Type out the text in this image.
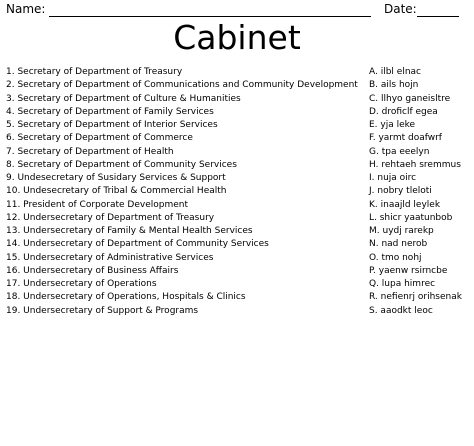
Name:	Date:
Cabinet
1. Secretary of Department of Treasury
2. Secretary of Department of Communications and Community Development
3. Secretary of Department of Culture & Humanities
4. Secretary of Department of Family Services
5. Secretary of Department of Interior Services
6. Secretary of Department of Commerce
7. Secretary of Department of Health
8. Secretary of Department of Community Services
9. Undesecretary of Susidary Services & Support
10. Undesecretary of Tribal & Commercial Health
11. President of Corporate Development
12. Undersecretary of Department of Treasury
13. Undersecretary of Family & Mental Health Services
14. Undersecretary of Department of Community Services
15. Undersecretary of Administrative Services
16. Undersecretary of Business Affairs
17. Undersecretary of Operations
18. Undersecretary of Operations, Hospitals & Clinics
19. Undersecretary of Support & Programs
A. ilbl elnac
B. ails hojn
C. llhyo ganeisltre
D. droficlf egea
E. yja leke
F. yarmt doafwrf
G. tpa eeelyn
H. rehtaeh sremmus
I. nuja oirc
J. nobry tleloti
K. inaajld leylek
L. shicr yaatunbob
M. uydj rarekp
N. nad nerob
O. tmo nohj
P. yaenw rsirncbe
Q. lupa himrec
R. nefienrj orihsenak
S. aaodkt leoc
